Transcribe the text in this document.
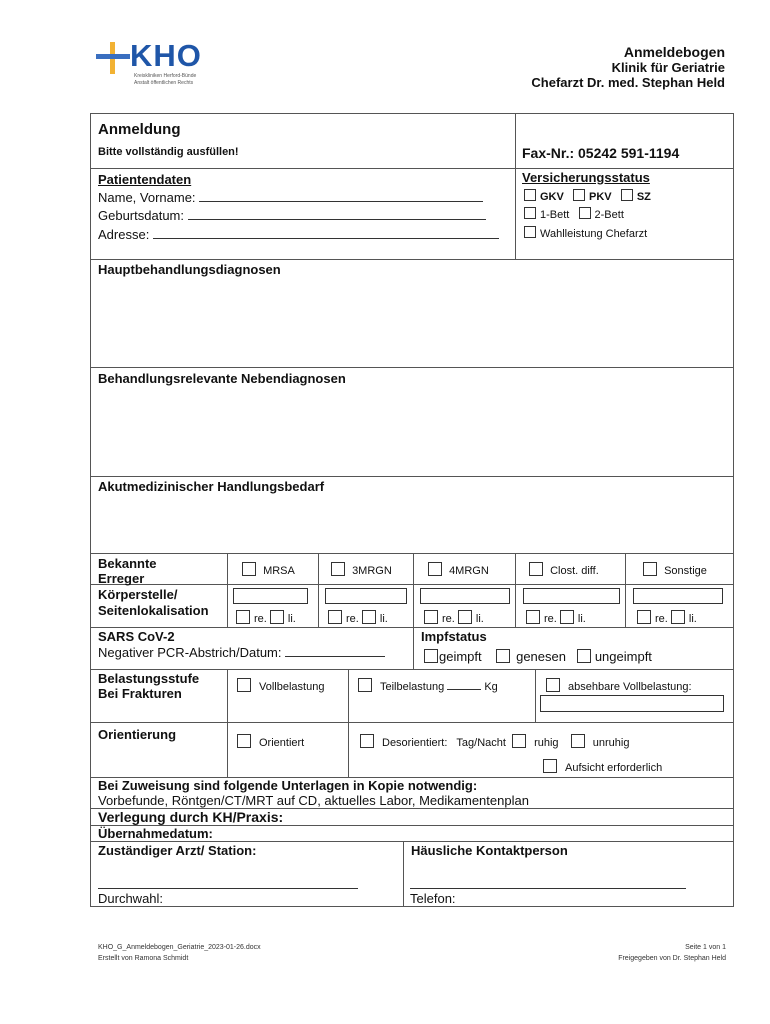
KHO
Kreiskliniken Herford-Bünde
Anstalt öffentlichen Rechts
Anmeldebogen
Klinik für Geriatrie
Chefarzt Dr. med. Stephan Held
Anmeldung
Bitte vollständig ausfüllen!	Fax-Nr.: 05242 591-1194
Patientendaten
Name, Vorname:
Geburtsdatum:
Adresse:
Versicherungsstatus
GKV PKV SZ
1-Bett 2-Bett
Wahlleistung Chefarzt
Hauptbehandlungsdiagnosen
Behandlungsrelevante Nebendiagnosen
Akutmedizinischer Handlungsbedarf
Bekannte
Erreger	MRSA	3MRGN	4MRGN	Clost. diff.	Sonstige
Körperstelle/
Seitenlokalisation
re. li.	re. li.	re. li.	re. li.	re. li.
SARS CoV-2
Negativer PCR-Abstrich/Datum:
Impfstatus
geimpft	genesen ungeimpft
Belastungsstufe
Bei Frakturen	Vollbelastung	Teilbelastung	Kg	absehbare Vollbelastung:
Orientierung
Orientiert	Desorientiert: Tag/Nacht	ruhig	unruhig
Aufsicht erforderlich
Bei Zuweisung sind folgende Unterlagen in Kopie notwendig:
Vorbefunde, Röntgen/CT/MRT auf CD, aktuelles Labor, Medikamentenplan
Verlegung durch KH/Praxis:
Übernahmedatum:
Zuständiger Arzt/ Station:
Durchwahl:
Häusliche Kontaktperson
Telefon:
KHO_G_Anmeldebogen_Geriatrie_2023-01-26.docx
Erstellt von Ramona Schmidt
Seite 1 von 1
Freigegeben von Dr. Stephan Held
